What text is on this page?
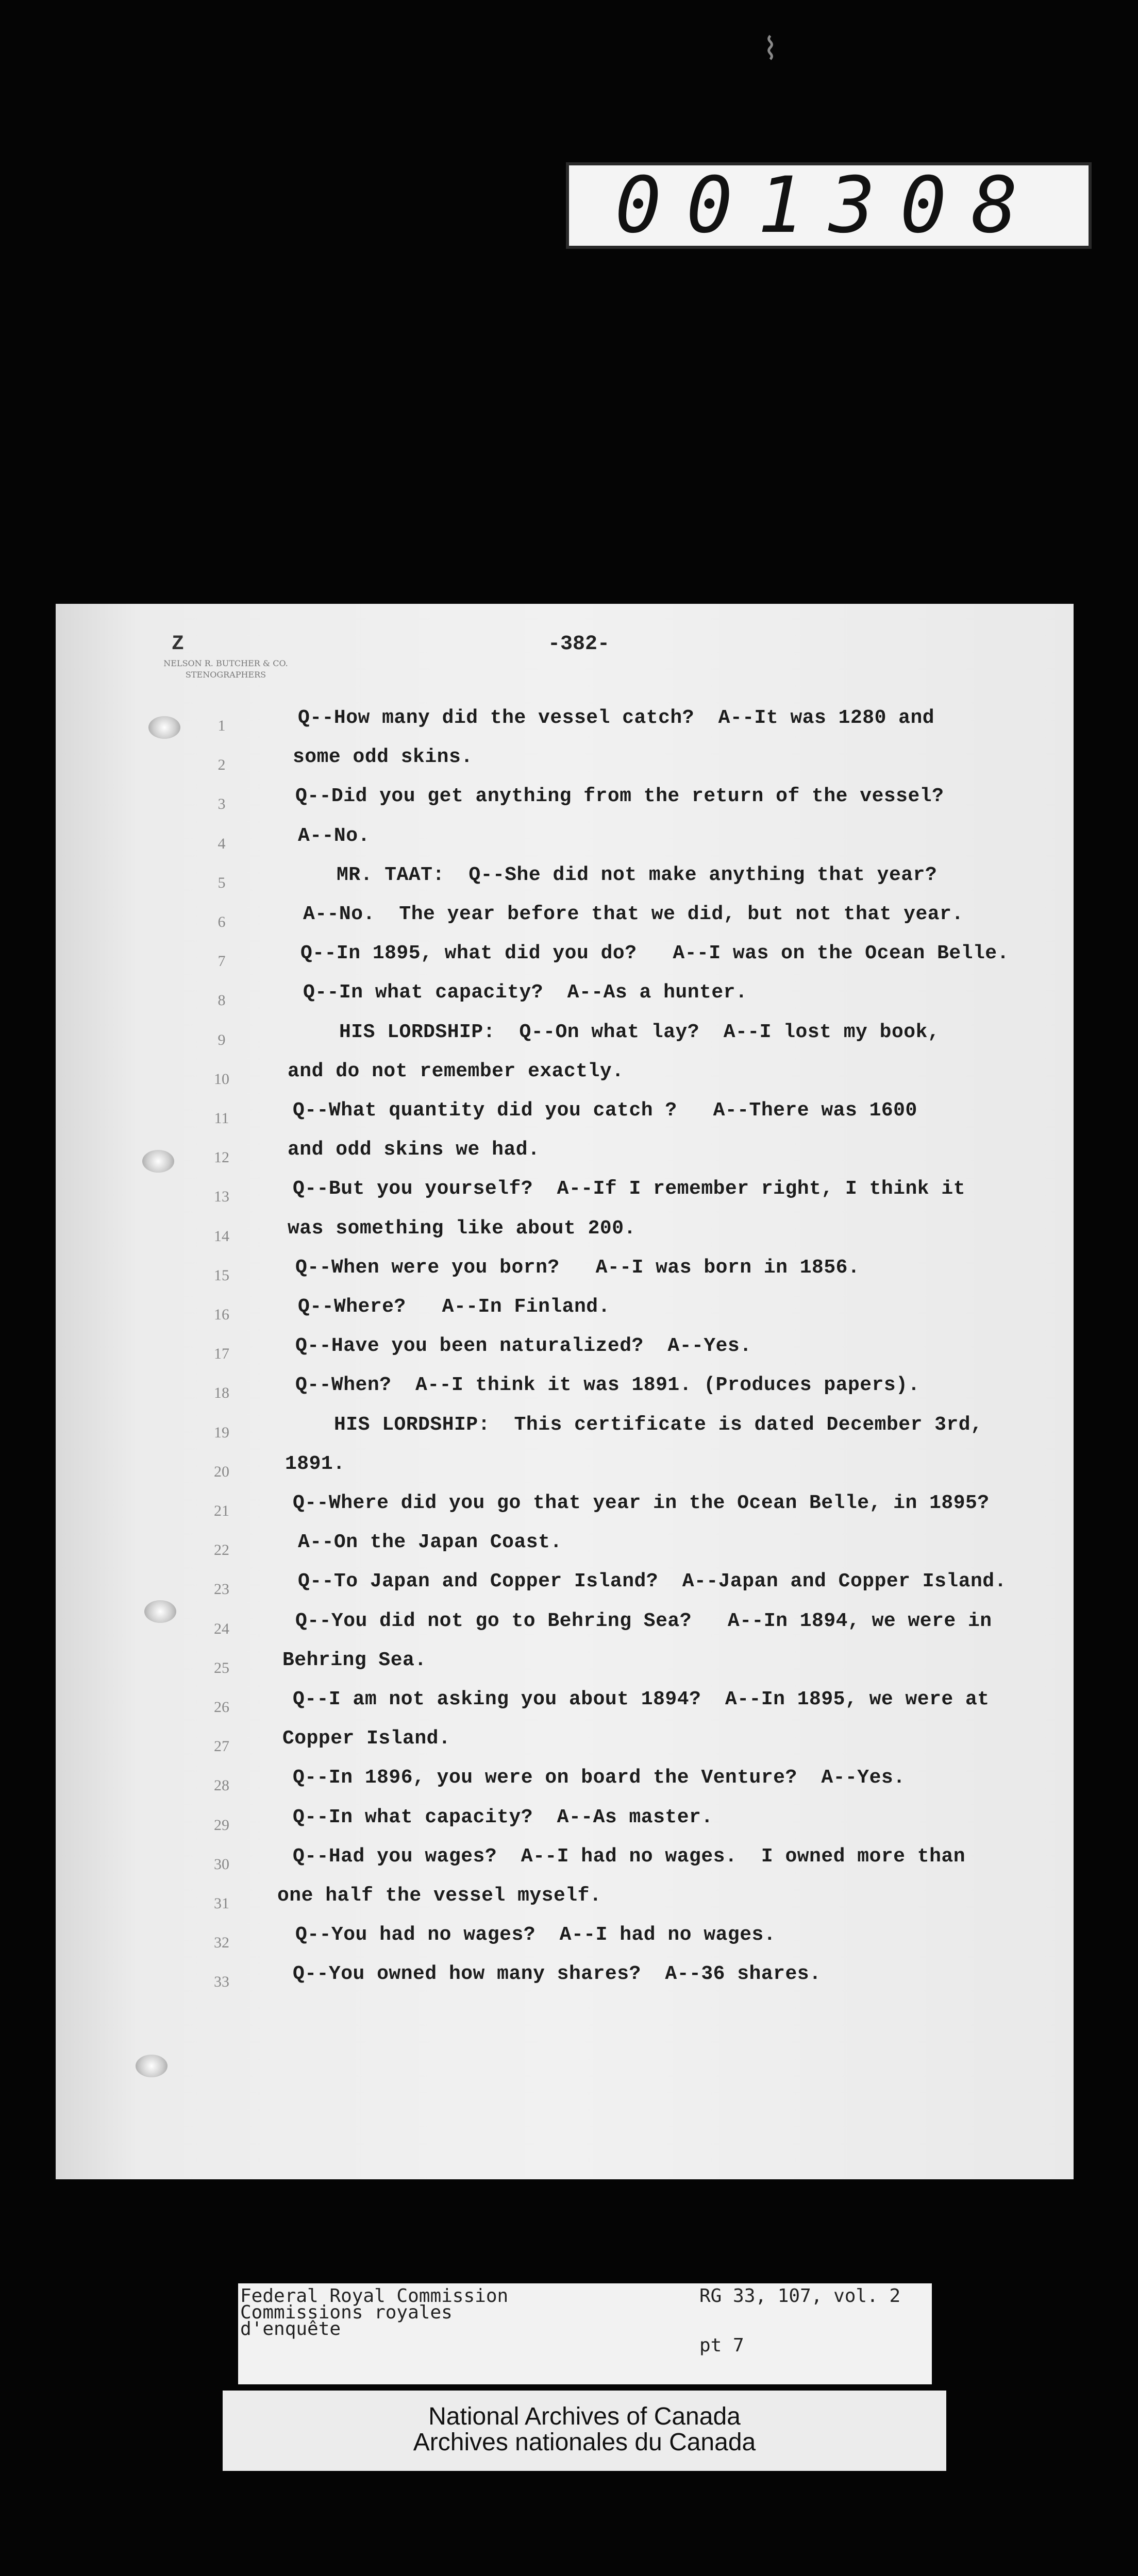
⌇
001308
Z
NELSON R. BUTCHER & CO.
STENOGRAPHERS
-382-
1
2
3
4
5
6
7
8
9
10
11
12
13
14
15
16
17
18
19
20
21
22
23
24
25
26
27
28
29
30
31
32
33
Q--How many did the vessel catch?  A--It was 1280 and
some odd skins.
Q--Did you get anything from the return of the vessel?
A--No.
MR. TAAT:  Q--She did not make anything that year?
A--No.  The year before that we did, but not that year.
Q--In 1895, what did you do?   A--I was on the Ocean Belle.
Q--In what capacity?  A--As a hunter.
HIS LORDSHIP:  Q--On what lay?  A--I lost my book,
and do not remember exactly.
Q--What quantity did you catch ?   A--There was 1600
and odd skins we had.
Q--But you yourself?  A--If I remember right, I think it
was something like about 200.
Q--When were you born?   A--I was born in 1856.
Q--Where?   A--In Finland.
Q--Have you been naturalized?  A--Yes.
Q--When?  A--I think it was 1891. (Produces papers).
HIS LORDSHIP:  This certificate is dated December 3rd,
1891.
Q--Where did you go that year in the Ocean Belle, in 1895?
A--On the Japan Coast.
Q--To Japan and Copper Island?  A--Japan and Copper Island.
Q--You did not go to Behring Sea?   A--In 1894, we were in
Behring Sea.
Q--I am not asking you about 1894?  A--In 1895, we were at
Copper Island.
Q--In 1896, you were on board the Venture?  A--Yes.
Q--In what capacity?  A--As master.
Q--Had you wages?  A--I had no wages.  I owned more than
one half the vessel myself.
Q--You had no wages?  A--I had no wages.
Q--You owned how many shares?  A--36 shares.
Federal Royal Commission
Commissions royales
d'enquête
RG 33, 107, vol. 2
pt 7
National Archives of Canada
Archives nationales du Canada
